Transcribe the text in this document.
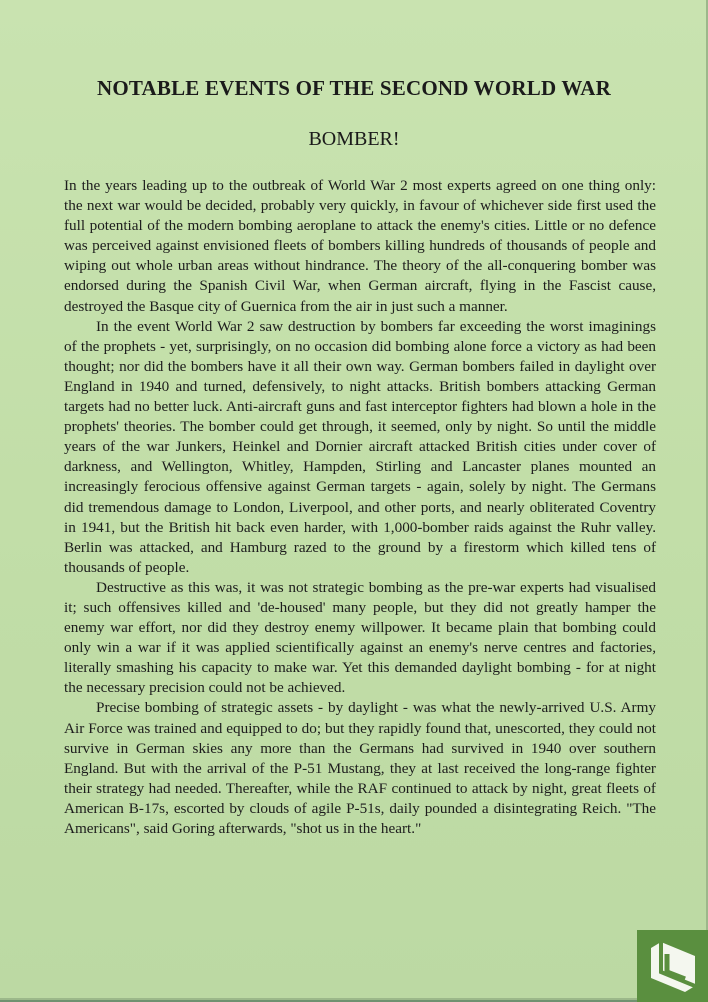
NOTABLE EVENTS OF THE SECOND WORLD WAR
BOMBER!

In the years leading up to the outbreak of World War 2 most experts agreed on one thing only: the next war would be decided, probably very quickly, in favour of whichever side first used the full potential of the modern bombing aeroplane to attack the enemy's cities. Little or no defence was perceived against envisioned fleets of bombers killing hundreds of thousands of people and wiping out whole urban areas without hindrance. The theory of the all-conquering bomber was endorsed during the Spanish Civil War, when German aircraft, flying in the Fascist cause, destroyed the Basque city of Guernica from the air in just such a manner.

In the event World War 2 saw destruction by bombers far exceeding the worst imaginings of the prophets - yet, surprisingly, on no occasion did bombing alone force a victory as had been thought; nor did the bombers have it all their own way. German bombers failed in daylight over England in 1940 and turned, defensively, to night attacks. British bombers attacking German targets had no better luck. Anti-aircraft guns and fast interceptor fighters had blown a hole in the prophets' theories. The bomber could get through, it seemed, only by night. So until the middle years of the war Junkers, Heinkel and Dornier aircraft attacked British cities under cover of darkness, and Wellington, Whitley, Hampden, Stirling and Lancaster planes mounted an increasingly ferocious offensive against German targets - again, solely by night. The Germans did tremendous damage to London, Liverpool, and other ports, and nearly obliterated Coventry in 1941, but the British hit back even harder, with 1,000-bomber raids against the Ruhr valley. Berlin was attacked, and Hamburg razed to the ground by a firestorm which killed tens of thousands of people.

Destructive as this was, it was not strategic bombing as the pre-war experts had visualised it; such offensives killed and 'de-housed' many people, but they did not greatly hamper the enemy war effort, nor did they destroy enemy willpower. It became plain that bombing could only win a war if it was applied scientifically against an enemy's nerve centres and factories, literally smashing his capacity to make war. Yet this demanded daylight bombing - for at night the necessary precision could not be achieved.

Precise bombing of strategic assets - by daylight - was what the newly-arrived U.S. Army Air Force was trained and equipped to do; but they rapidly found that, unescorted, they could not survive in German skies any more than the Germans had survived in 1940 over southern England. But with the arrival of the P-51 Mustang, they at last received the long-range fighter their strategy had needed. Thereafter, while the RAF continued to attack by night, great fleets of American B-17s, escorted by clouds of agile P-51s, daily pounded a disintegrating Reich. "The Americans", said Goring afterwards, "shot us in the heart."
